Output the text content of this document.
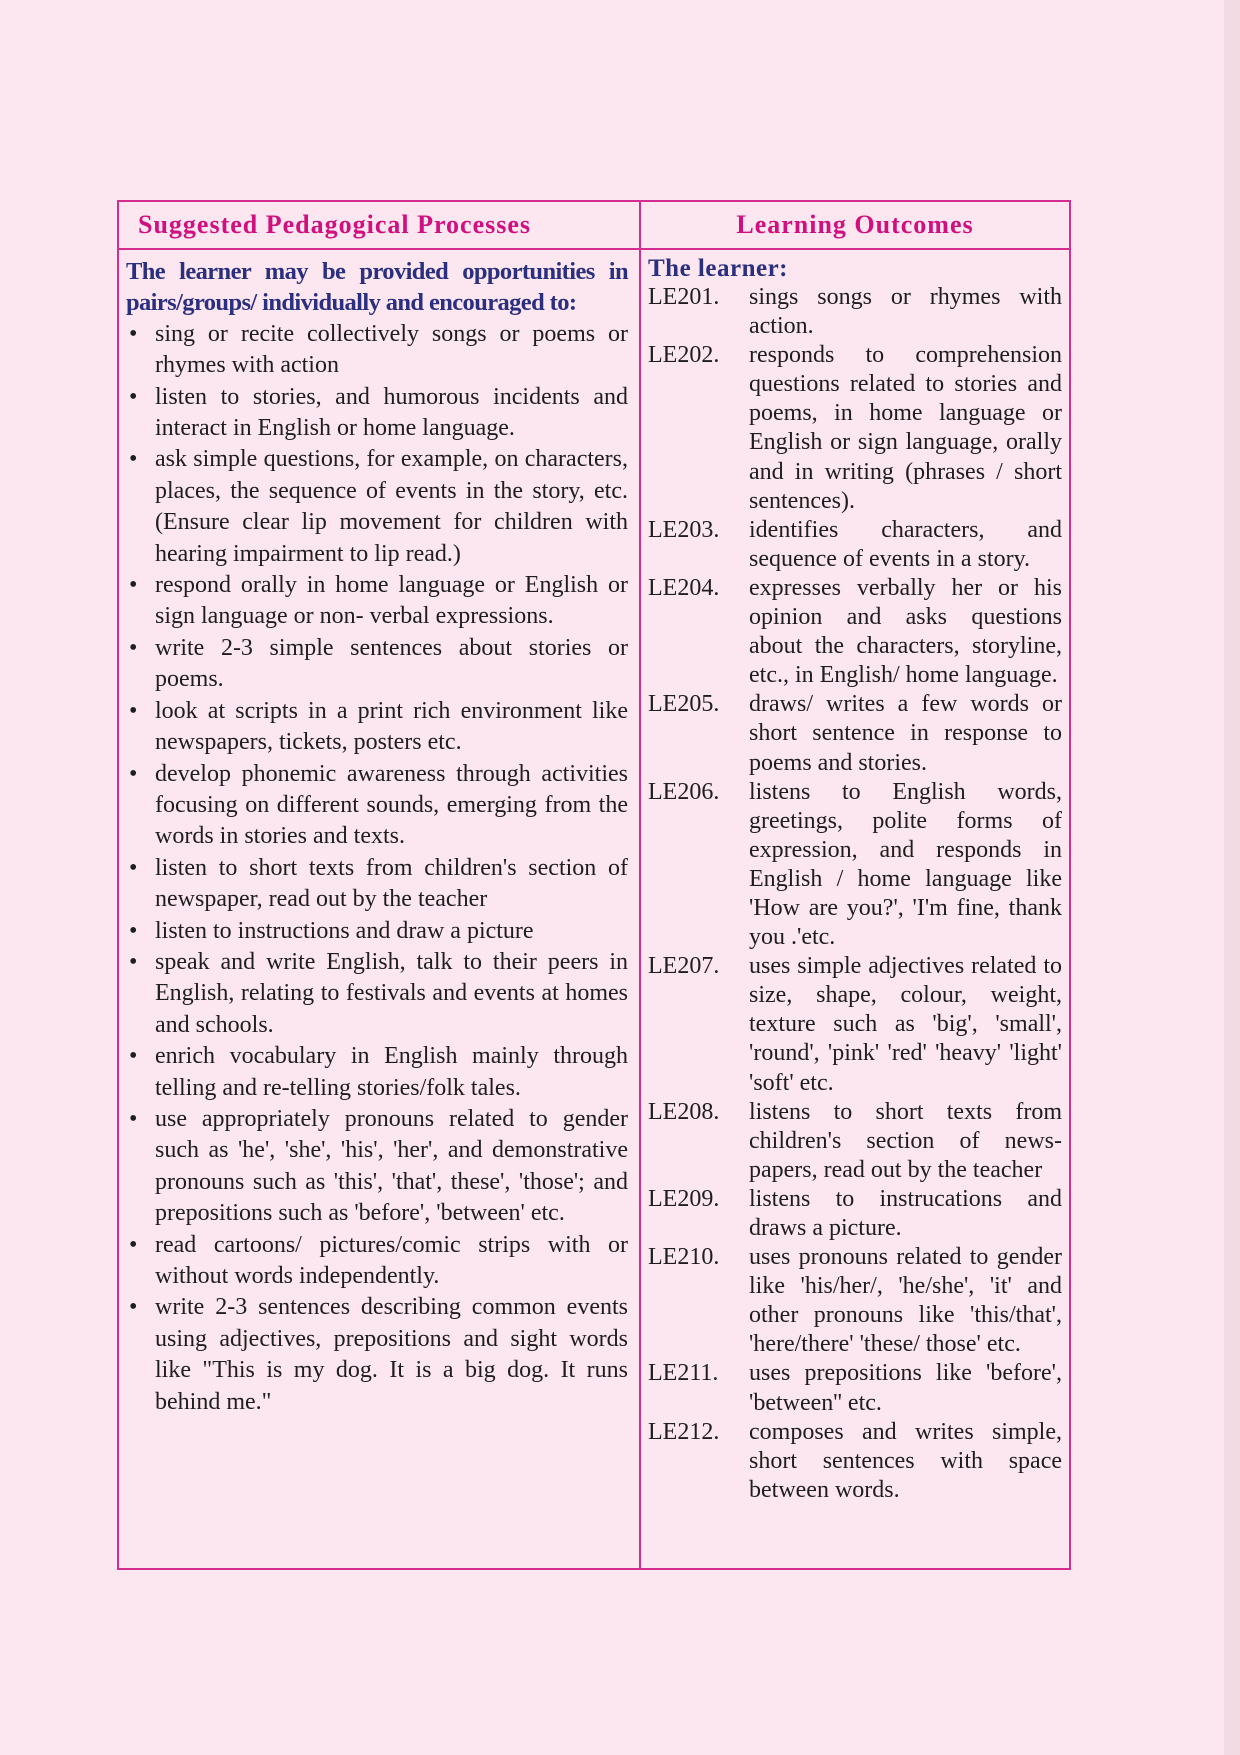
Suggested Pedagogical Processes	Learning Outcomes
The learner may be provided opportunities in pairs/groups/ individually and encouraged to:
• sing or recite collectively songs or poems or rhymes with action
• listen to stories, and humorous incidents and interact in English or home language.
• ask simple questions, for example, on characters, places, the sequence of events in the story, etc. (Ensure clear lip movement for children with hearing impairment to lip read.)
• respond orally in home language or English or sign language or non- verbal expressions.
• write 2-3 simple sentences about stories or poems.
• look at scripts in a print rich environment like newspapers, tickets, posters etc.
• develop phonemic awareness through activities focusing on different sounds, emerging from the words in stories and texts.
• listen to short texts from children's section of newspaper, read out by the teacher
• listen to instructions and draw a picture
• speak and write English, talk to their peers in English, relating to festivals and events at homes and schools.
• enrich vocabulary in English mainly through telling and re-telling stories/folk tales.
• use appropriately pronouns related to gender such as 'he', 'she', 'his', 'her', and demonstrative pronouns such as 'this', 'that', these', 'those'; and prepositions such as 'before', 'between' etc.
• read cartoons/ pictures/comic strips with or without words independently.
• write 2-3 sentences describing common events using adjectives, prepositions and sight words like "This is my dog. It is a big dog. It runs behind me."
The learner:
LE201.	sings songs or rhymes with action.
LE202.	responds to comprehension questions related to stories and poems, in home language or English or sign language, orally and in writing (phrases / short sentences).
LE203.	identifies characters, and sequence of events in a story.
LE204.	expresses verbally her or his opinion and asks questions about the characters, storyline, etc., in English/ home language.
LE205.	draws/ writes a few words or short sentence in response to poems and stories.
LE206.	listens to English words, greetings, polite forms of expression, and responds in English / home language like 'How are you?', 'I'm fine, thank you .'etc.
LE207.	uses simple adjectives related to size, shape, colour, weight, texture such as 'big', 'small', 'round', 'pink' 'red' 'heavy' 'light' 'soft' etc.
LE208.	listens to short texts from children's section of news-papers, read out by the teacher
LE209.	listens to instrucations and draws a picture.
LE210.	uses pronouns related to gender like 'his/her/, 'he/she', 'it' and other pronouns like 'this/that', 'here/there' 'these/ those' etc.
LE211.	uses prepositions like 'before', 'between'' etc.
LE212.	composes and writes simple, short sentences with space between words.
